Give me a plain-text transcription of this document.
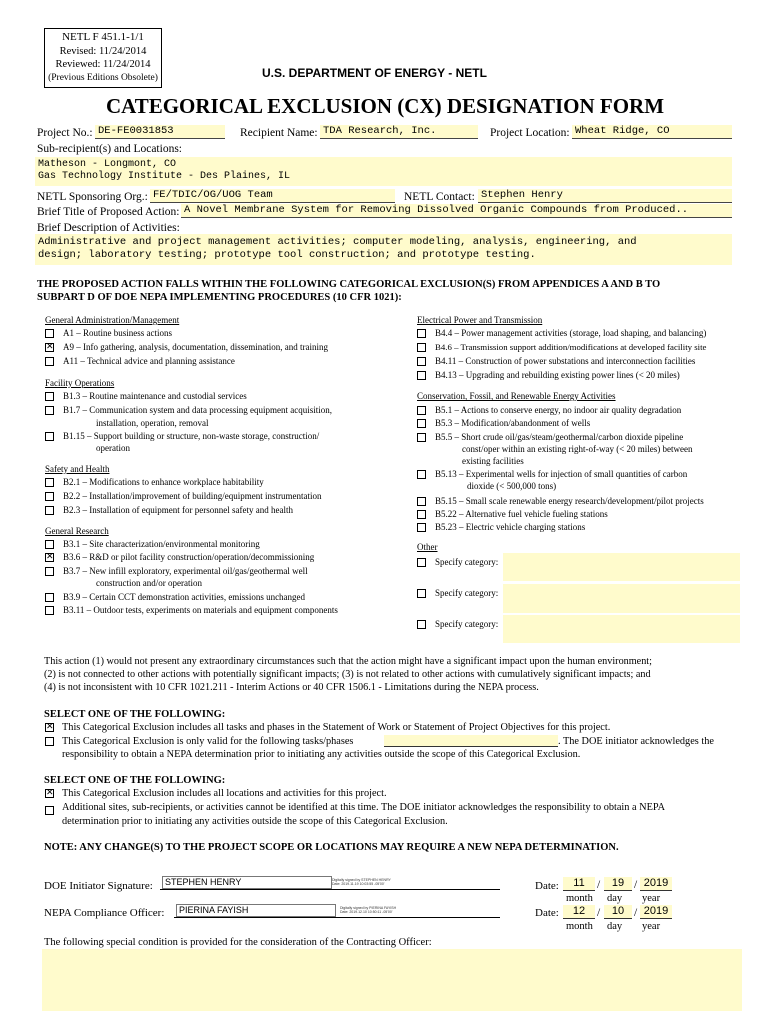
NETL F 451.1-1/1
Revised: 11/24/2014
Reviewed: 11/24/2014
(Previous Editions Obsolete)	U.S. DEPARTMENT OF ENERGY - NETL
CATEGORICAL EXCLUSION (CX) DESIGNATION FORM
Project No.: DE-FE0031853	Recipient Name: TDA Research, Inc.	Project Location: Wheat Ridge, CO
Sub-recipient(s) and Locations:
Matheson - Longmont, CO
Gas Technology Institute - Des Plaines, IL
NETL Sponsoring Org.: FE/TDIC/OG/UOG Team	NETL Contact: Stephen Henry
Brief Title of Proposed Action: A Novel Membrane System for Removing Dissolved Organic Compounds from Produced..
Brief Description of Activities:
Administrative and project management activities; computer modeling, analysis, engineering, and
design; laboratory testing; prototype tool construction; and prototype testing.
THE PROPOSED ACTION FALLS WITHIN THE FOLLOWING CATEGORICAL EXCLUSION(S) FROM APPENDICES A AND B TO
SUBPART D OF DOE NEPA IMPLEMENTING PROCEDURES (10 CFR 1021):
General Administration/Management
A1 – Routine business actions
✕ A9 – Info gathering, analysis, documentation, dissemination, and training
A11 – Technical advice and planning assistance
Facility Operations
B1.3 – Routine maintenance and custodial services
B1.7 – Communication system and data processing equipment acquisition,
installation, operation, removal
B1.15 – Support building or structure, non-waste storage, construction/
operation
Safety and Health
B2.1 – Modifications to enhance workplace habitability
B2.2 – Installation/improvement of building/equipment instrumentation
B2.3 – Installation of equipment for personnel safety and health
General Research
B3.1 – Site characterization/environmental monitoring
✕ B3.6 – R&D or pilot facility construction/operation/decommissioning
B3.7 – New infill exploratory, experimental oil/gas/geothermal well
construction and/or operation
B3.9 – Certain CCT demonstration activities, emissions unchanged
B3.11 – Outdoor tests, experiments on materials and equipment components
Electrical Power and Transmission
B4.4 – Power management activities (storage, load shaping, and balancing)
B4.6 – Transmission support addition/modifications at developed facility site
B4.11 – Construction of power substations and interconnection facilities
B4.13 – Upgrading and rebuilding existing power lines (< 20 miles)
Conservation, Fossil, and Renewable Energy Activities
B5.1 – Actions to conserve energy, no indoor air quality degradation
B5.3 – Modification/abandonment of wells
B5.5 – Short crude oil/gas/steam/geothermal/carbon dioxide pipeline
const/oper within an existing right-of-way (< 20 miles) between
existing facilities
B5.13 – Experimental wells for injection of small quantities of carbon
dioxide (< 500,000 tons)
B5.15 – Small scale renewable energy research/development/pilot projects
B5.22 – Alternative fuel vehicle fueling stations
B5.23 – Electric vehicle charging stations
Other
Specify category:
Specify category:
Specify category:
This action (1) would not present any extraordinary circumstances such that the action might have a significant impact upon the human environment;
(2) is not connected to other actions with potentially significant impacts; (3) is not related to other actions with cumulatively significant impacts; and
(4) is not inconsistent with 10 CFR 1021.211 - Interim Actions or 40 CFR 1506.1 - Limitations during the NEPA process.
SELECT ONE OF THE FOLLOWING:
✕ This Categorical Exclusion includes all tasks and phases in the Statement of Work or Statement of Project Objectives for this project.
This Categorical Exclusion is only valid for the following tasks/phases	. The DOE initiator acknowledges the
responsibility to obtain a NEPA determination prior to initiating any activities outside the scope of this Categorical Exclusion.
SELECT ONE OF THE FOLLOWING:
✕ This Categorical Exclusion includes all locations and activities for this project.
Additional sites, sub-recipients, or activities cannot be identified at this time. The DOE initiator acknowledges the responsibility to obtain a NEPA
determination prior to initiating any activities outside the scope of this Categorical Exclusion.
NOTE: ANY CHANGE(S) TO THE PROJECT SCOPE OR LOCATIONS MAY REQUIRE A NEW NEPA DETERMINATION.
DOE Initiator Signature:	STEPHEN HENRY	Digitally signed by STEPHEN HENRY
Date: 2019.11.19 10:03:55 -05'00'	Date:	11	/	19 / 2019
month day year
NEPA Compliance Officer:	PIERINA FAYISH	Digitally signed by PIERINA FAYISH
Date: 2019.12.10 10:50:11 -05'00'	Date:	12	/	10 / 2019
month day year
The following special condition is provided for the consideration of the Contracting Officer:
